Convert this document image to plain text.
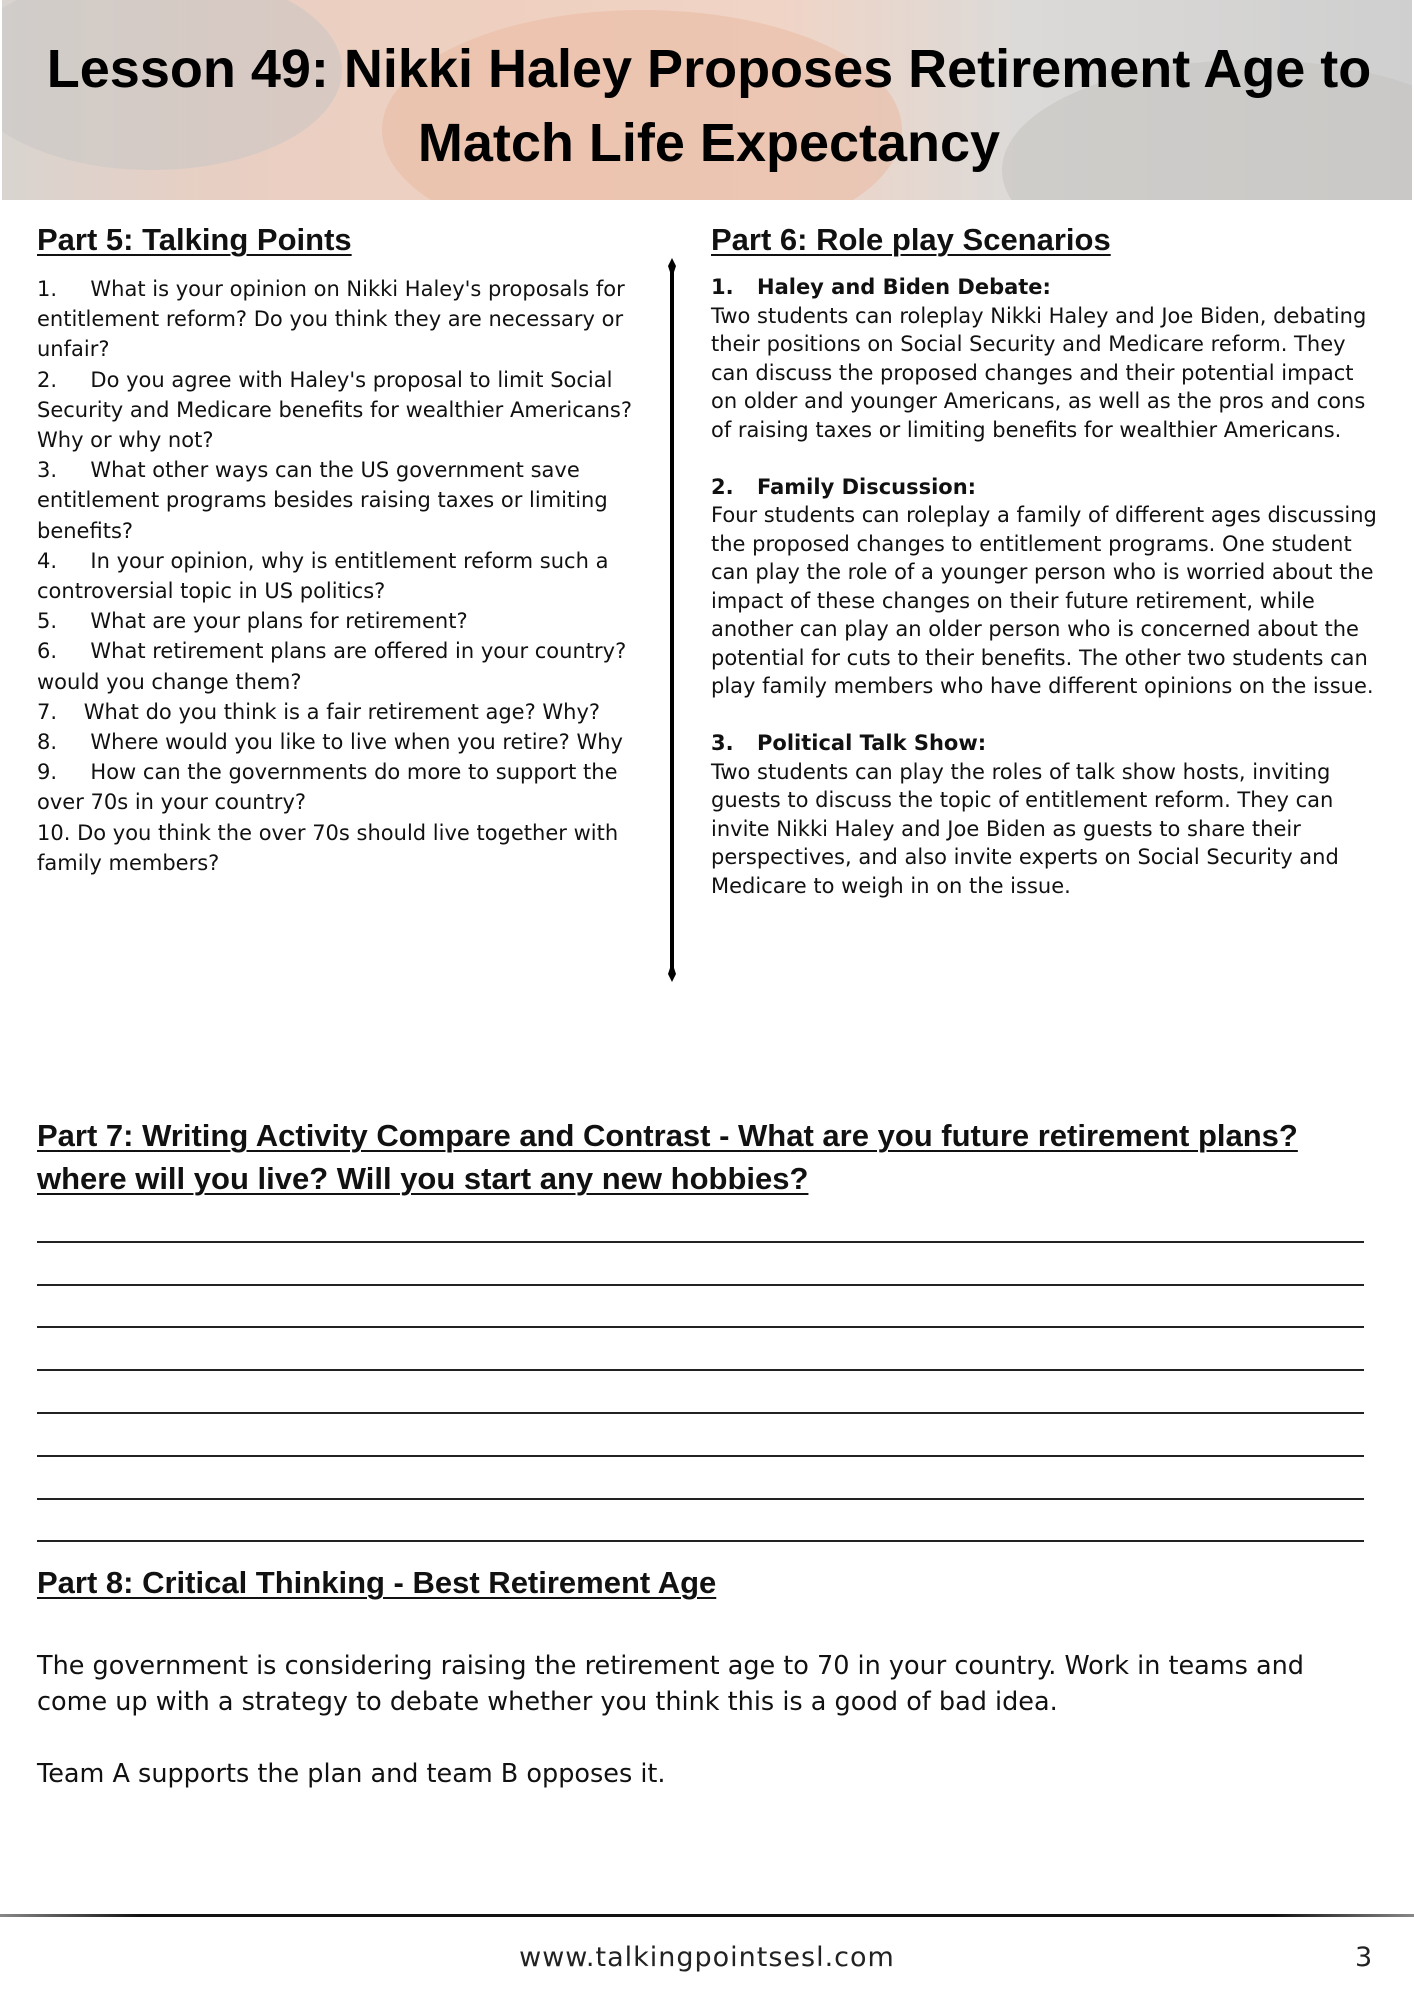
Lesson 49: Nikki Haley Proposes Retirement Age to
Match Life Expectancy
Part 5: Talking Points

1.     What is your opinion on Nikki Haley's proposals for entitlement reform? Do you think they are necessary or unfair?

2.     Do you agree with Haley's proposal to limit Social Security and Medicare benefits for wealthier Americans? Why or why not?

3.     What other ways can the US government save entitlement programs besides raising taxes or limiting benefits?

4.     In your opinion, why is entitlement reform such a controversial topic in US politics?

5.     What are your plans for retirement?

6.     What retirement plans are offered in your country? would you change them?

7.    What do you think is a fair retirement age? Why?

8.     Where would you like to live when you retire? Why

9.     How can the governments do more to support the over 70s in your country?

10. Do you think the over 70s should live together with family members?

Part 6: Role play Scenarios
1. Haley and Biden Debate:
Two students can roleplay Nikki Haley and Joe Biden, debating their positions on Social Security and Medicare reform. They can discuss the proposed changes and their potential impact on older and younger Americans, as well as the pros and cons of raising taxes or limiting benefits for wealthier Americans.
2. Family Discussion:
Four students can roleplay a family of different ages discussing the proposed changes to entitlement programs. One student can play the role of a younger person who is worried about the impact of these changes on their future retirement, while another can play an older person who is concerned about the potential for cuts to their benefits. The other two students can play family members who have different opinions on the issue.
3. Political Talk Show:
Two students can play the roles of talk show hosts, inviting guests to discuss the topic of entitlement reform. They can invite Nikki Haley and Joe Biden as guests to share their perspectives, and also invite experts on Social Security and Medicare to weigh in on the issue.
Part 7: Writing Activity Compare and Contrast - What are you future retirement plans? where will you live? Will you start any new hobbies?
Part 8: Critical Thinking - Best Retirement Age
The government is considering raising the retirement age to 70 in your country. Work in teams and come up with a strategy to debate whether you think this is a good of bad idea.
Team A supports the plan and team B opposes it.
www.talkingpointsesl.com	3
